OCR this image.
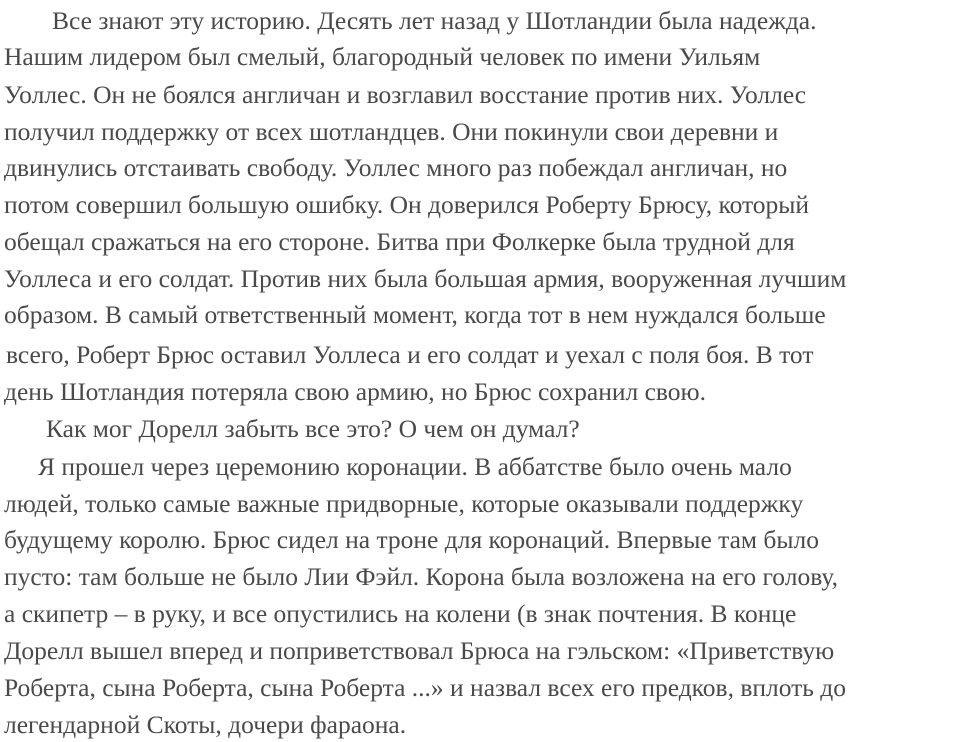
Все знают эту историю. Десять лет назад у Шотландии была надежда.
Нашим лидером был смелый, благородный человек по имени Уильям
Уоллес. Он не боялся англичан и возглавил восстание против них. Уоллес
получил поддержку от всех шотландцев. Они покинули свои деревни и
двинулись отстаивать свободу. Уоллес много раз побеждал англичан, но
потом совершил большую ошибку. Он доверился Роберту Брюсу, который
обещал сражаться на его стороне. Битва при Фолкерке была трудной для
Уоллеса и его солдат. Против них была большая армия, вооруженная лучшим
образом. В самый ответственный момент, когда тот в нем нуждался больше
всего, Роберт Брюс оставил Уоллеса и его солдат и уехал с поля боя. В тот
день Шотландия потеряла свою армию, но Брюс сохранил свою.
Как мог Дорелл забыть все это? О чем он думал?
Я прошел через церемонию коронации. В аббатстве было очень мало
людей, только самые важные придворные, которые оказывали поддержку
будущему королю. Брюс сидел на троне для коронаций. Впервые там было
пусто: там больше не было Лии Фэйл. Корона была возложена на его голову,
а скипетр – в руку, и все опустились на колени (в знак почтения. В конце
Дорелл вышел вперед и поприветствовал Брюса на гэльском: «Приветствую
Роберта, сына Роберта, сына Роберта ...» и назвал всех его предков, вплоть до
легендарной Скоты, дочери фараона.
